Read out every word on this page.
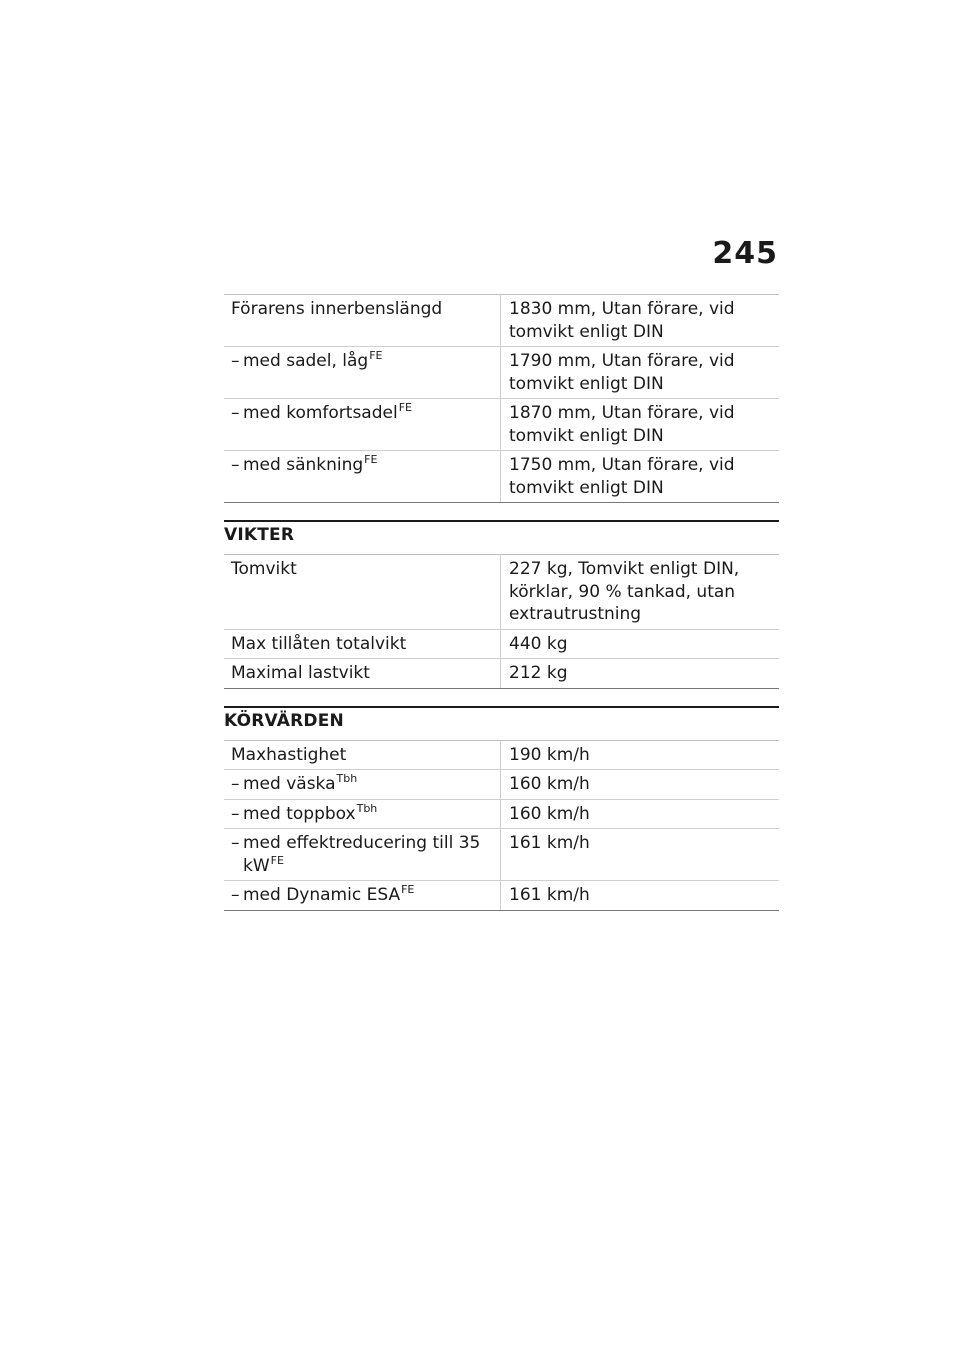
245
Förarens innerbenslängd	1830 mm, Utan förare, vid tomvikt enligt DIN

– med sadel, låg$^{FE}$	1790 mm, Utan förare, vid tomvikt enligt DIN

– med komfortsadel$^{FE}$	1870 mm, Utan förare, vid tomvikt enligt DIN

– med sänkning$^{FE}$	1750 mm, Utan förare, vid tomvikt enligt DIN
VIKTER
Tomvikt	227 kg, Tomvikt enligt DIN, körklar, 90 % tankad, utan extrautrustning

Max tillåten totalvikt	440 kg

Maximal lastvikt	212 kg
KÖRVÄRDEN
Maxhastighet	190 km/h

– med väska$^{Tbh}$	160 km/h

– med toppbox$^{Tbh}$	160 km/h

– med effektreducering till 35 $kW^{FE}$	161 km/h

– med Dynamic $ESA^{FE}$	161 km/h
